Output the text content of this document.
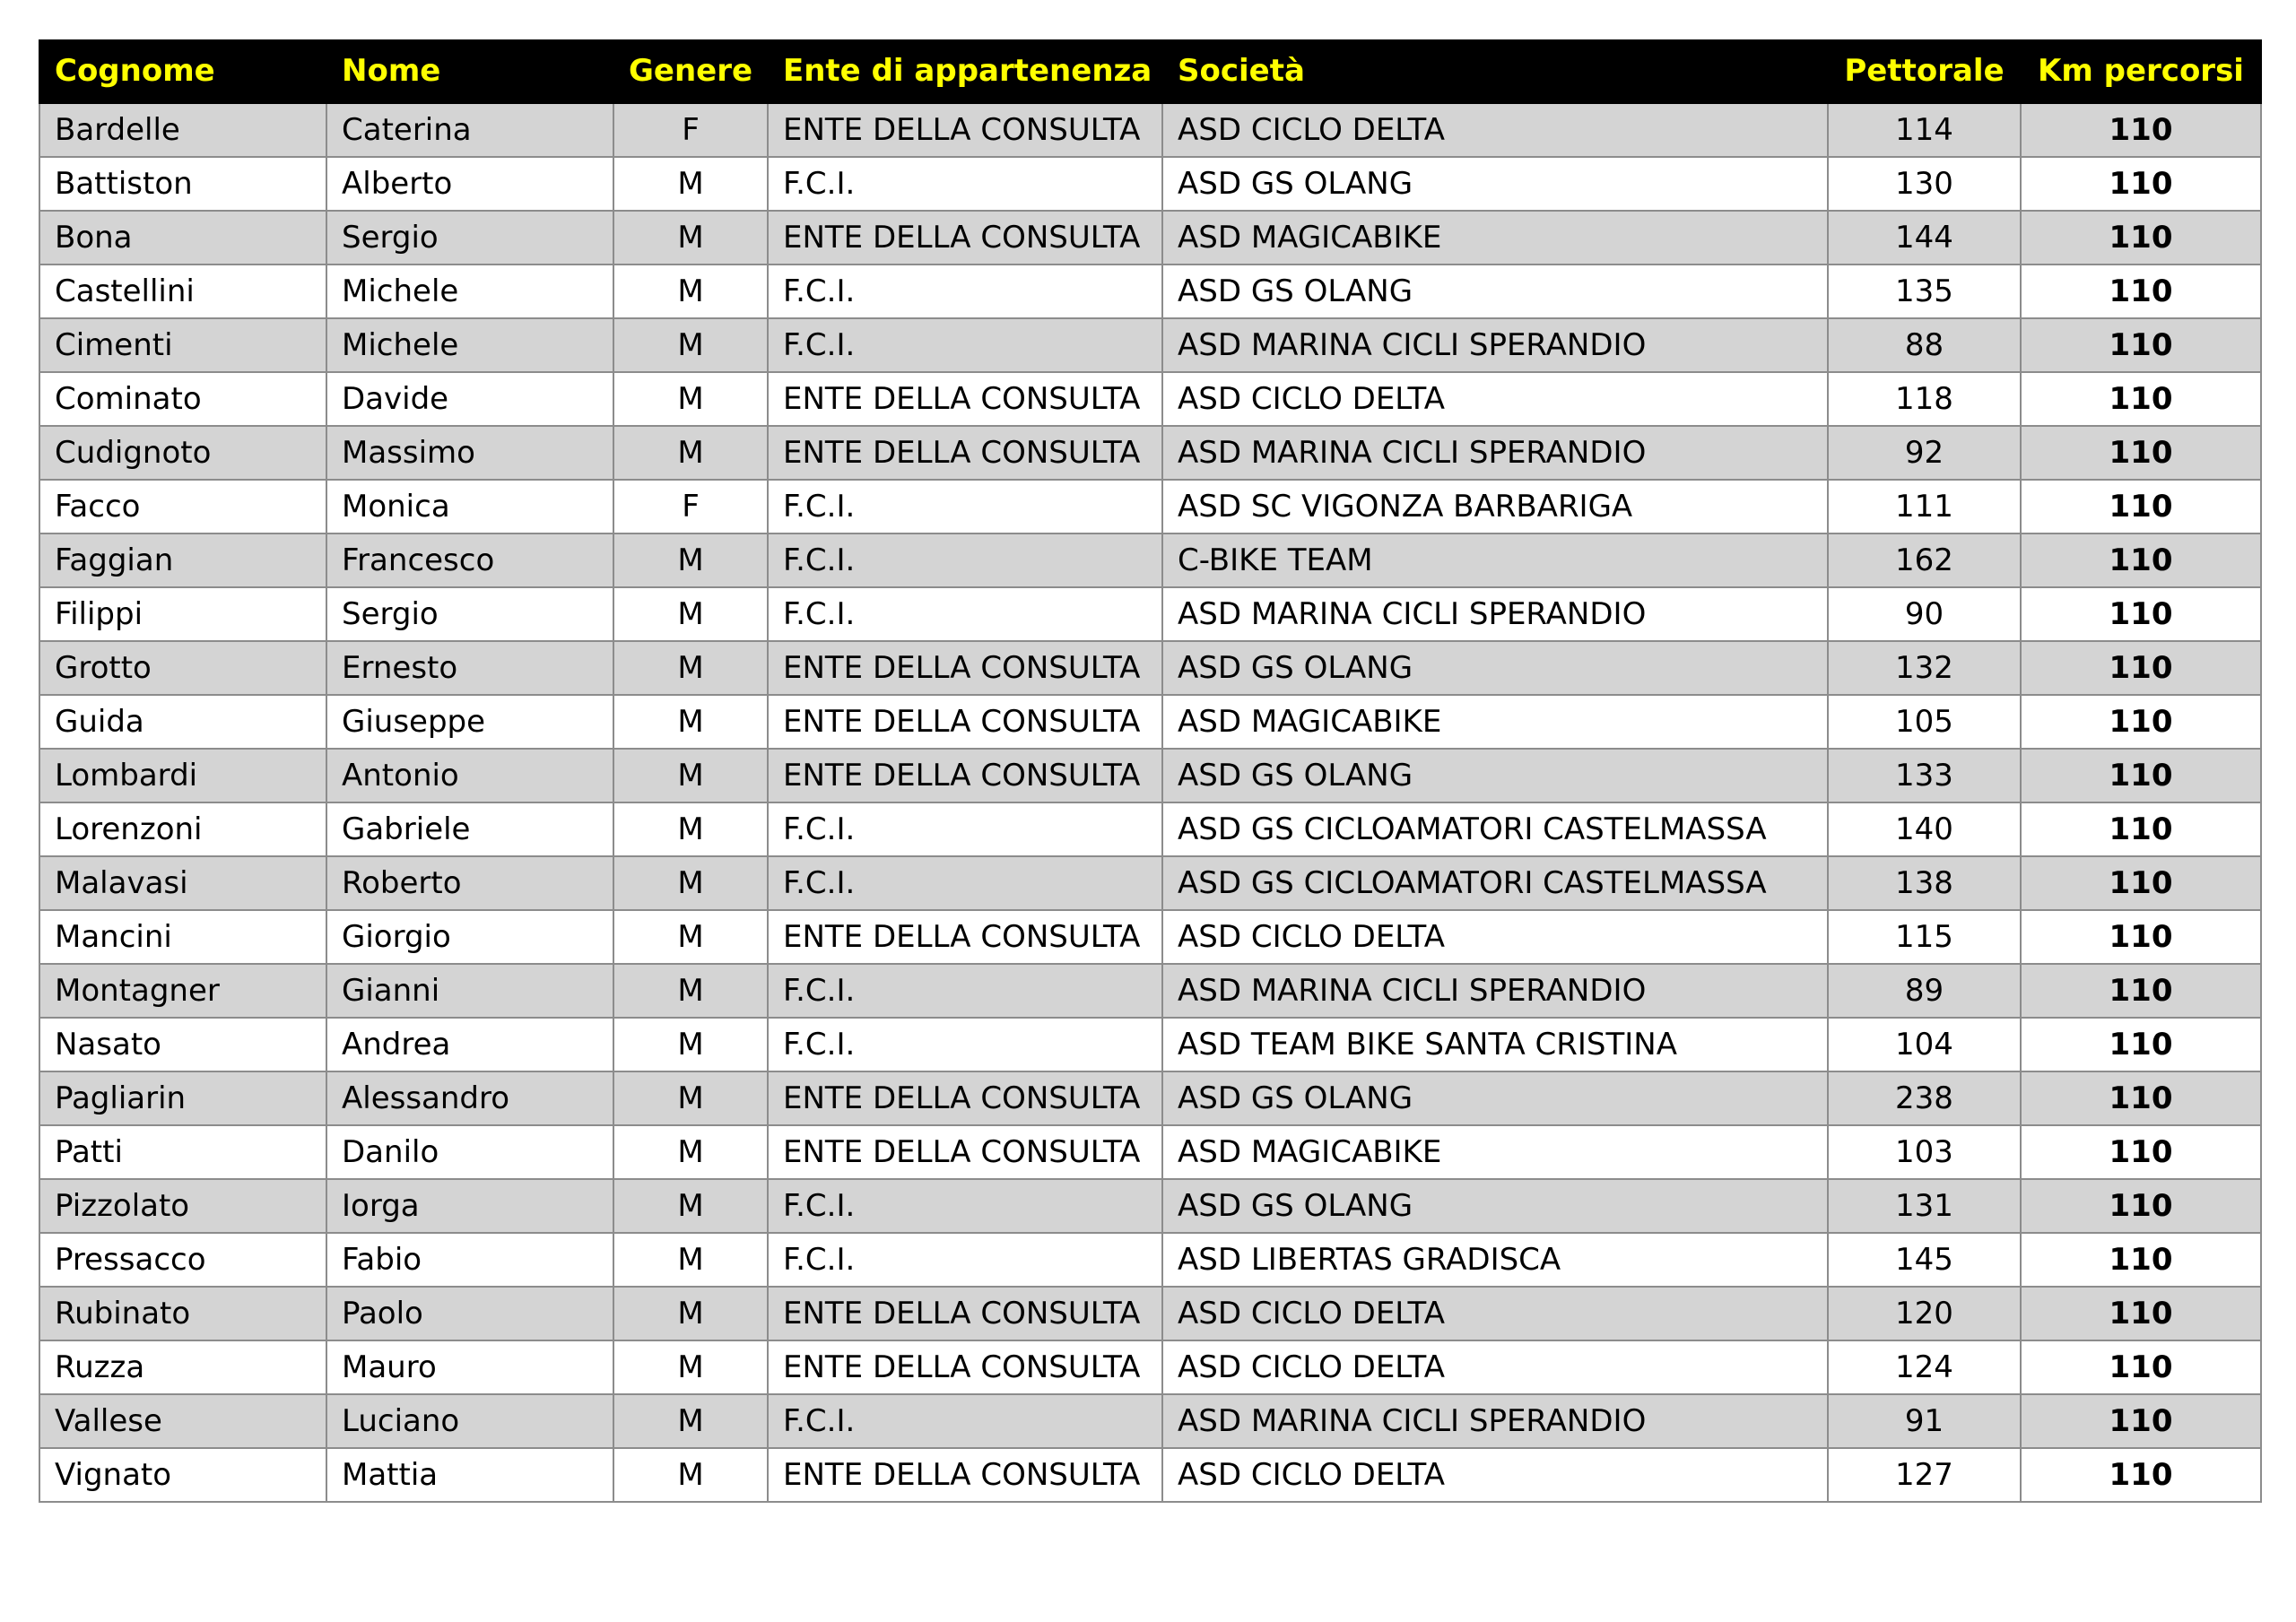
Cognome	Nome	Genere	Ente di appartenenza	Società	Pettorale	Km percorsi
Bardelle	Caterina	F	ENTE DELLA CONSULTA	ASD CICLO DELTA	114	110
Battiston	Alberto	M	F.C.I.	ASD GS OLANG	130	110
Bona	Sergio	M	ENTE DELLA CONSULTA	ASD MAGICABIKE	144	110
Castellini	Michele	M	F.C.I.	ASD GS OLANG	135	110
Cimenti	Michele	M	F.C.I.	ASD MARINA CICLI SPERANDIO	88	110
Cominato	Davide	M	ENTE DELLA CONSULTA	ASD CICLO DELTA	118	110
Cudignoto	Massimo	M	ENTE DELLA CONSULTA	ASD MARINA CICLI SPERANDIO	92	110
Facco	Monica	F	F.C.I.	ASD SC VIGONZA BARBARIGA	111	110
Faggian	Francesco	M	F.C.I.	C-BIKE TEAM	162	110
Filippi	Sergio	M	F.C.I.	ASD MARINA CICLI SPERANDIO	90	110
Grotto	Ernesto	M	ENTE DELLA CONSULTA	ASD GS OLANG	132	110
Guida	Giuseppe	M	ENTE DELLA CONSULTA	ASD MAGICABIKE	105	110
Lombardi	Antonio	M	ENTE DELLA CONSULTA	ASD GS OLANG	133	110
Lorenzoni	Gabriele	M	F.C.I.	ASD GS CICLOAMATORI CASTELMASSA	140	110
Malavasi	Roberto	M	F.C.I.	ASD GS CICLOAMATORI CASTELMASSA	138	110
Mancini	Giorgio	M	ENTE DELLA CONSULTA	ASD CICLO DELTA	115	110
Montagner	Gianni	M	F.C.I.	ASD MARINA CICLI SPERANDIO	89	110
Nasato	Andrea	M	F.C.I.	ASD TEAM BIKE SANTA CRISTINA	104	110
Pagliarin	Alessandro	M	ENTE DELLA CONSULTA	ASD GS OLANG	238	110
Patti	Danilo	M	ENTE DELLA CONSULTA	ASD MAGICABIKE	103	110
Pizzolato	Iorga	M	F.C.I.	ASD GS OLANG	131	110
Pressacco	Fabio	M	F.C.I.	ASD LIBERTAS GRADISCA	145	110
Rubinato	Paolo	M	ENTE DELLA CONSULTA	ASD CICLO DELTA	120	110
Ruzza	Mauro	M	ENTE DELLA CONSULTA	ASD CICLO DELTA	124	110
Vallese	Luciano	M	F.C.I.	ASD MARINA CICLI SPERANDIO	91	110
Vignato	Mattia	M	ENTE DELLA CONSULTA	ASD CICLO DELTA	127	110
